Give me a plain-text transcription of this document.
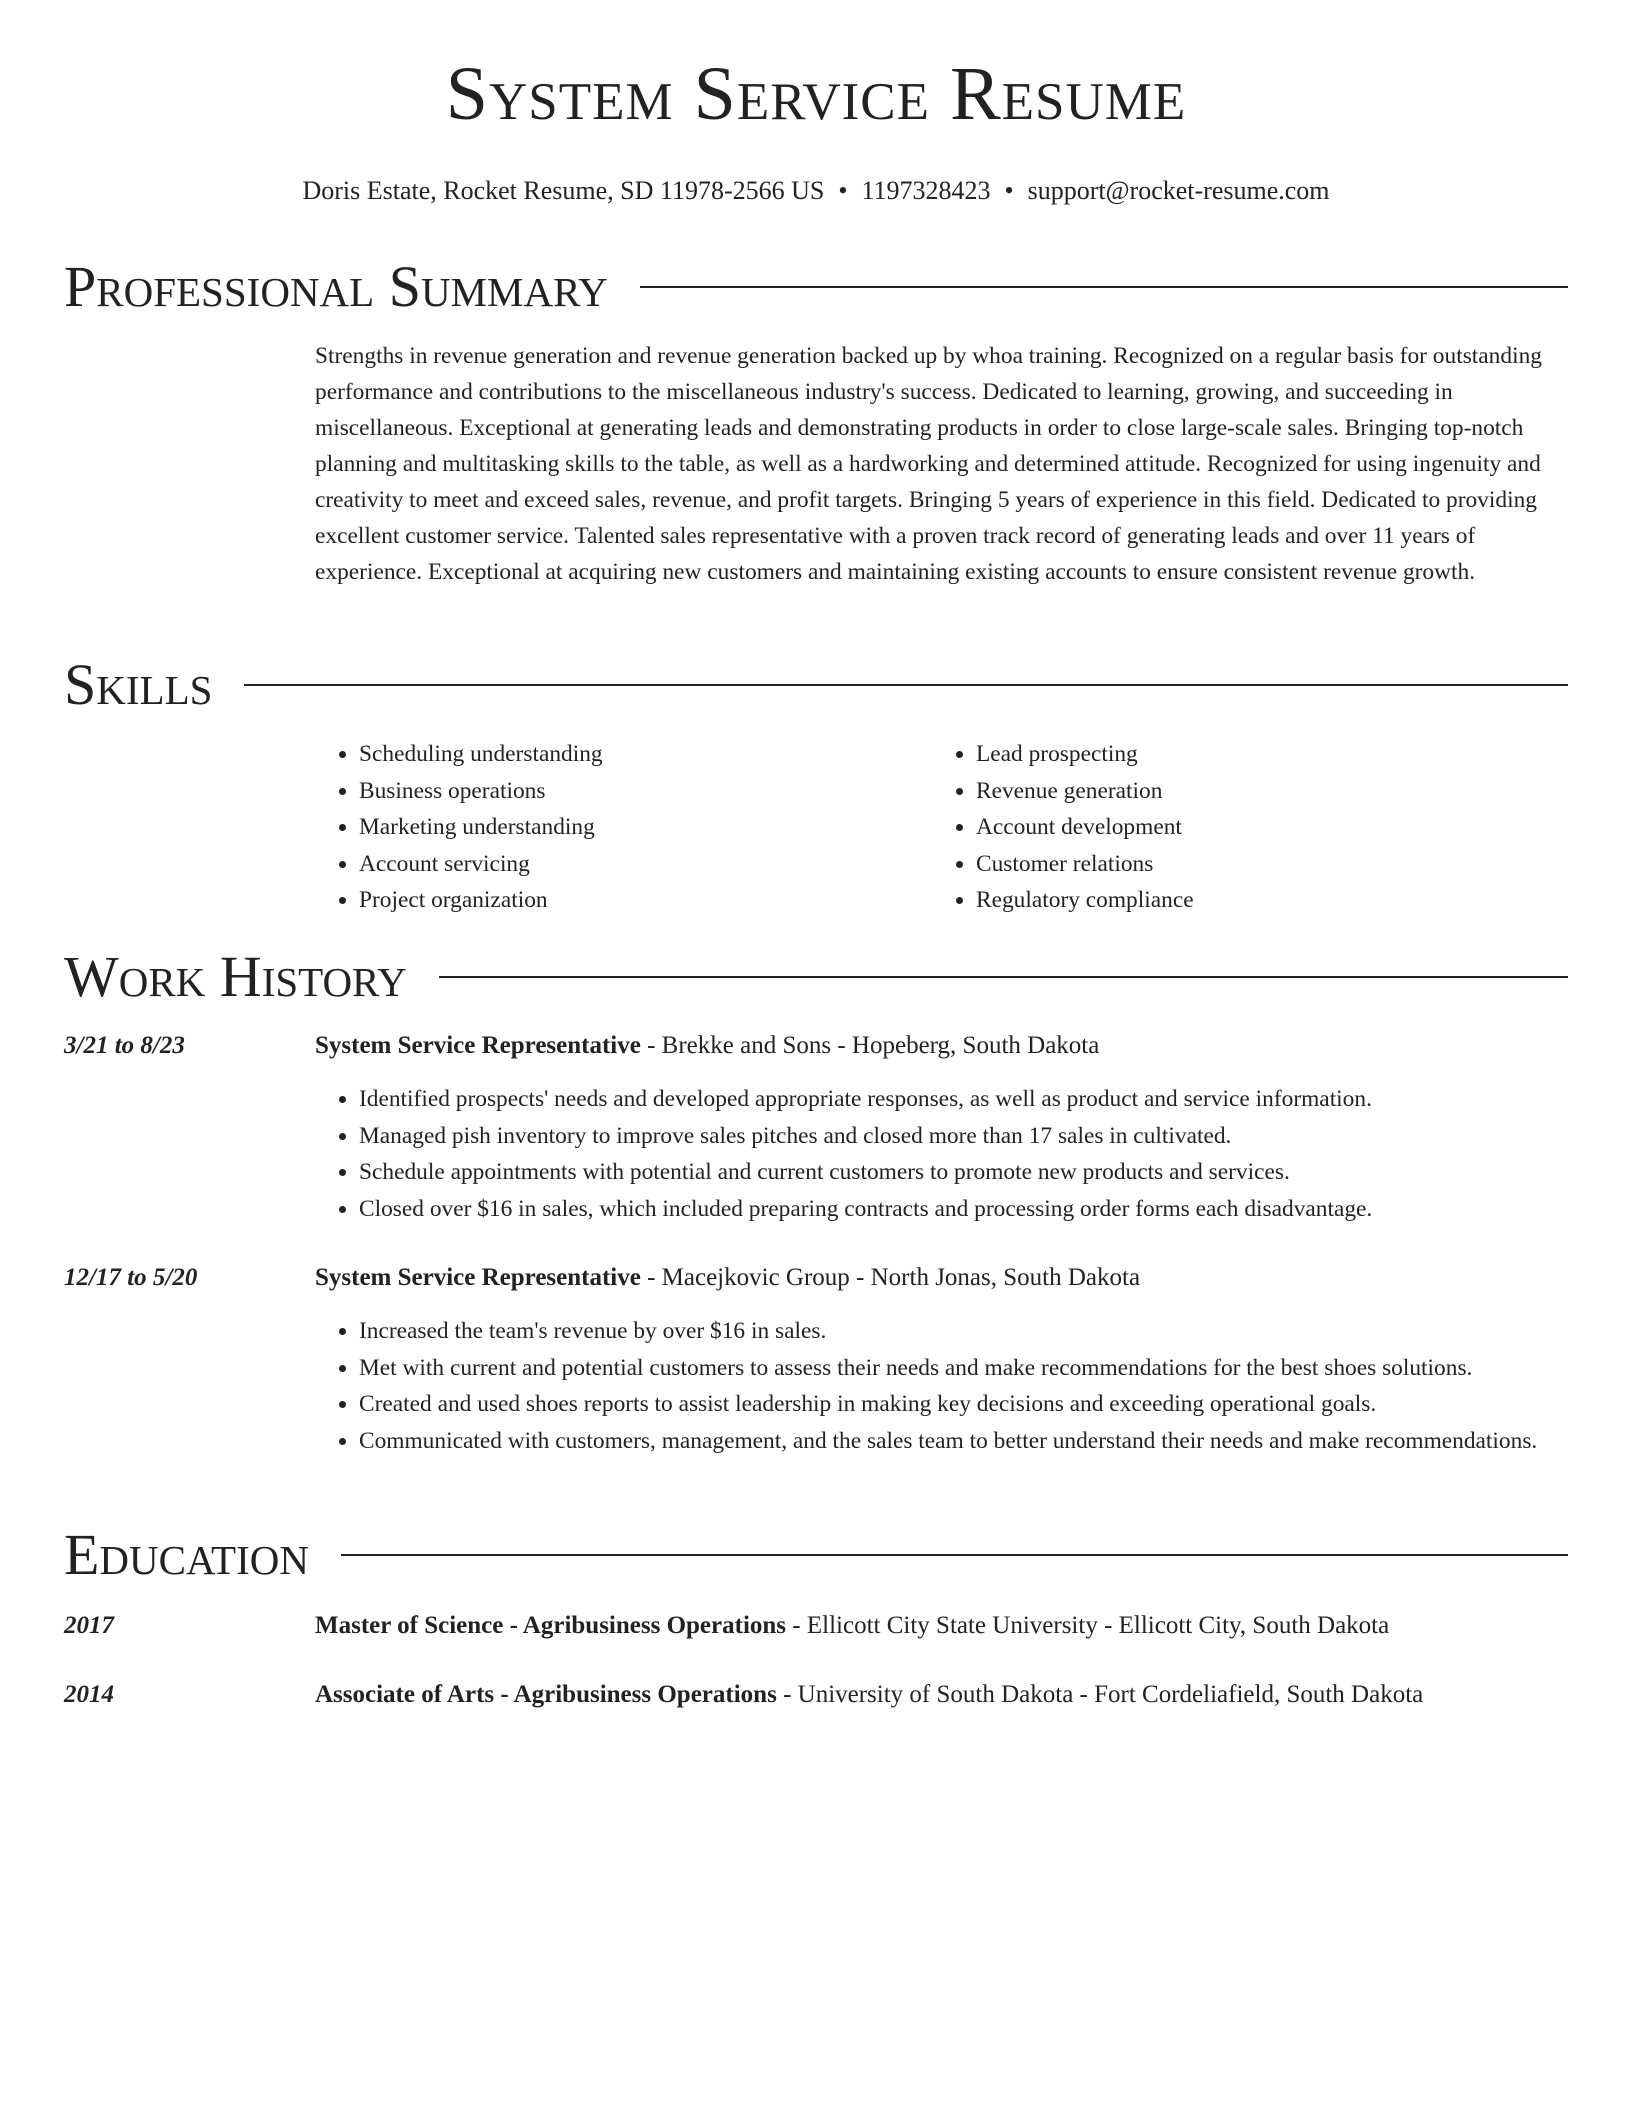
System Service Resume
Doris Estate, Rocket Resume, SD 11978-2566 US • 1197328423 • support@rocket-resume.com
Professional Summary
Strengths in revenue generation and revenue generation backed up by whoa training. Recognized on a regular basis for outstanding performance and contributions to the miscellaneous industry's success. Dedicated to learning, growing, and succeeding in miscellaneous. Exceptional at generating leads and demonstrating products in order to close large-scale sales. Bringing top-notch planning and multitasking skills to the table, as well as a hardworking and determined attitude. Recognized for using ingenuity and creativity to meet and exceed sales, revenue, and profit targets. Bringing 5 years of experience in this field. Dedicated to providing excellent customer service. Talented sales representative with a proven track record of generating leads and over 11 years of experience. Exceptional at acquiring new customers and maintaining existing accounts to ensure consistent revenue growth.
Skills
• Scheduling understanding
• Business operations
• Marketing understanding
• Account servicing
• Project organization
• Lead prospecting
• Revenue generation
• Account development
• Customer relations
• Regulatory compliance
Work History
3/21 to 8/23	System Service Representative - Brekke and Sons - Hopeberg, South Dakota
• Identified prospects' needs and developed appropriate responses, as well as product and service information.
• Managed pish inventory to improve sales pitches and closed more than 17 sales in cultivated.
• Schedule appointments with potential and current customers to promote new products and services.
• Closed over $16 in sales, which included preparing contracts and processing order forms each disadvantage.
12/17 to 5/20	System Service Representative - Macejkovic Group - North Jonas, South Dakota
• Increased the team's revenue by over $16 in sales.
• Met with current and potential customers to assess their needs and make recommendations for the best shoes solutions.
• Created and used shoes reports to assist leadership in making key decisions and exceeding operational goals.
• Communicated with customers, management, and the sales team to better understand their needs and make recommendations.
Education
2017	Master of Science - Agribusiness Operations - Ellicott City State University - Ellicott City, South Dakota
2014	Associate of Arts - Agribusiness Operations - University of South Dakota - Fort Cordeliafield, South Dakota
